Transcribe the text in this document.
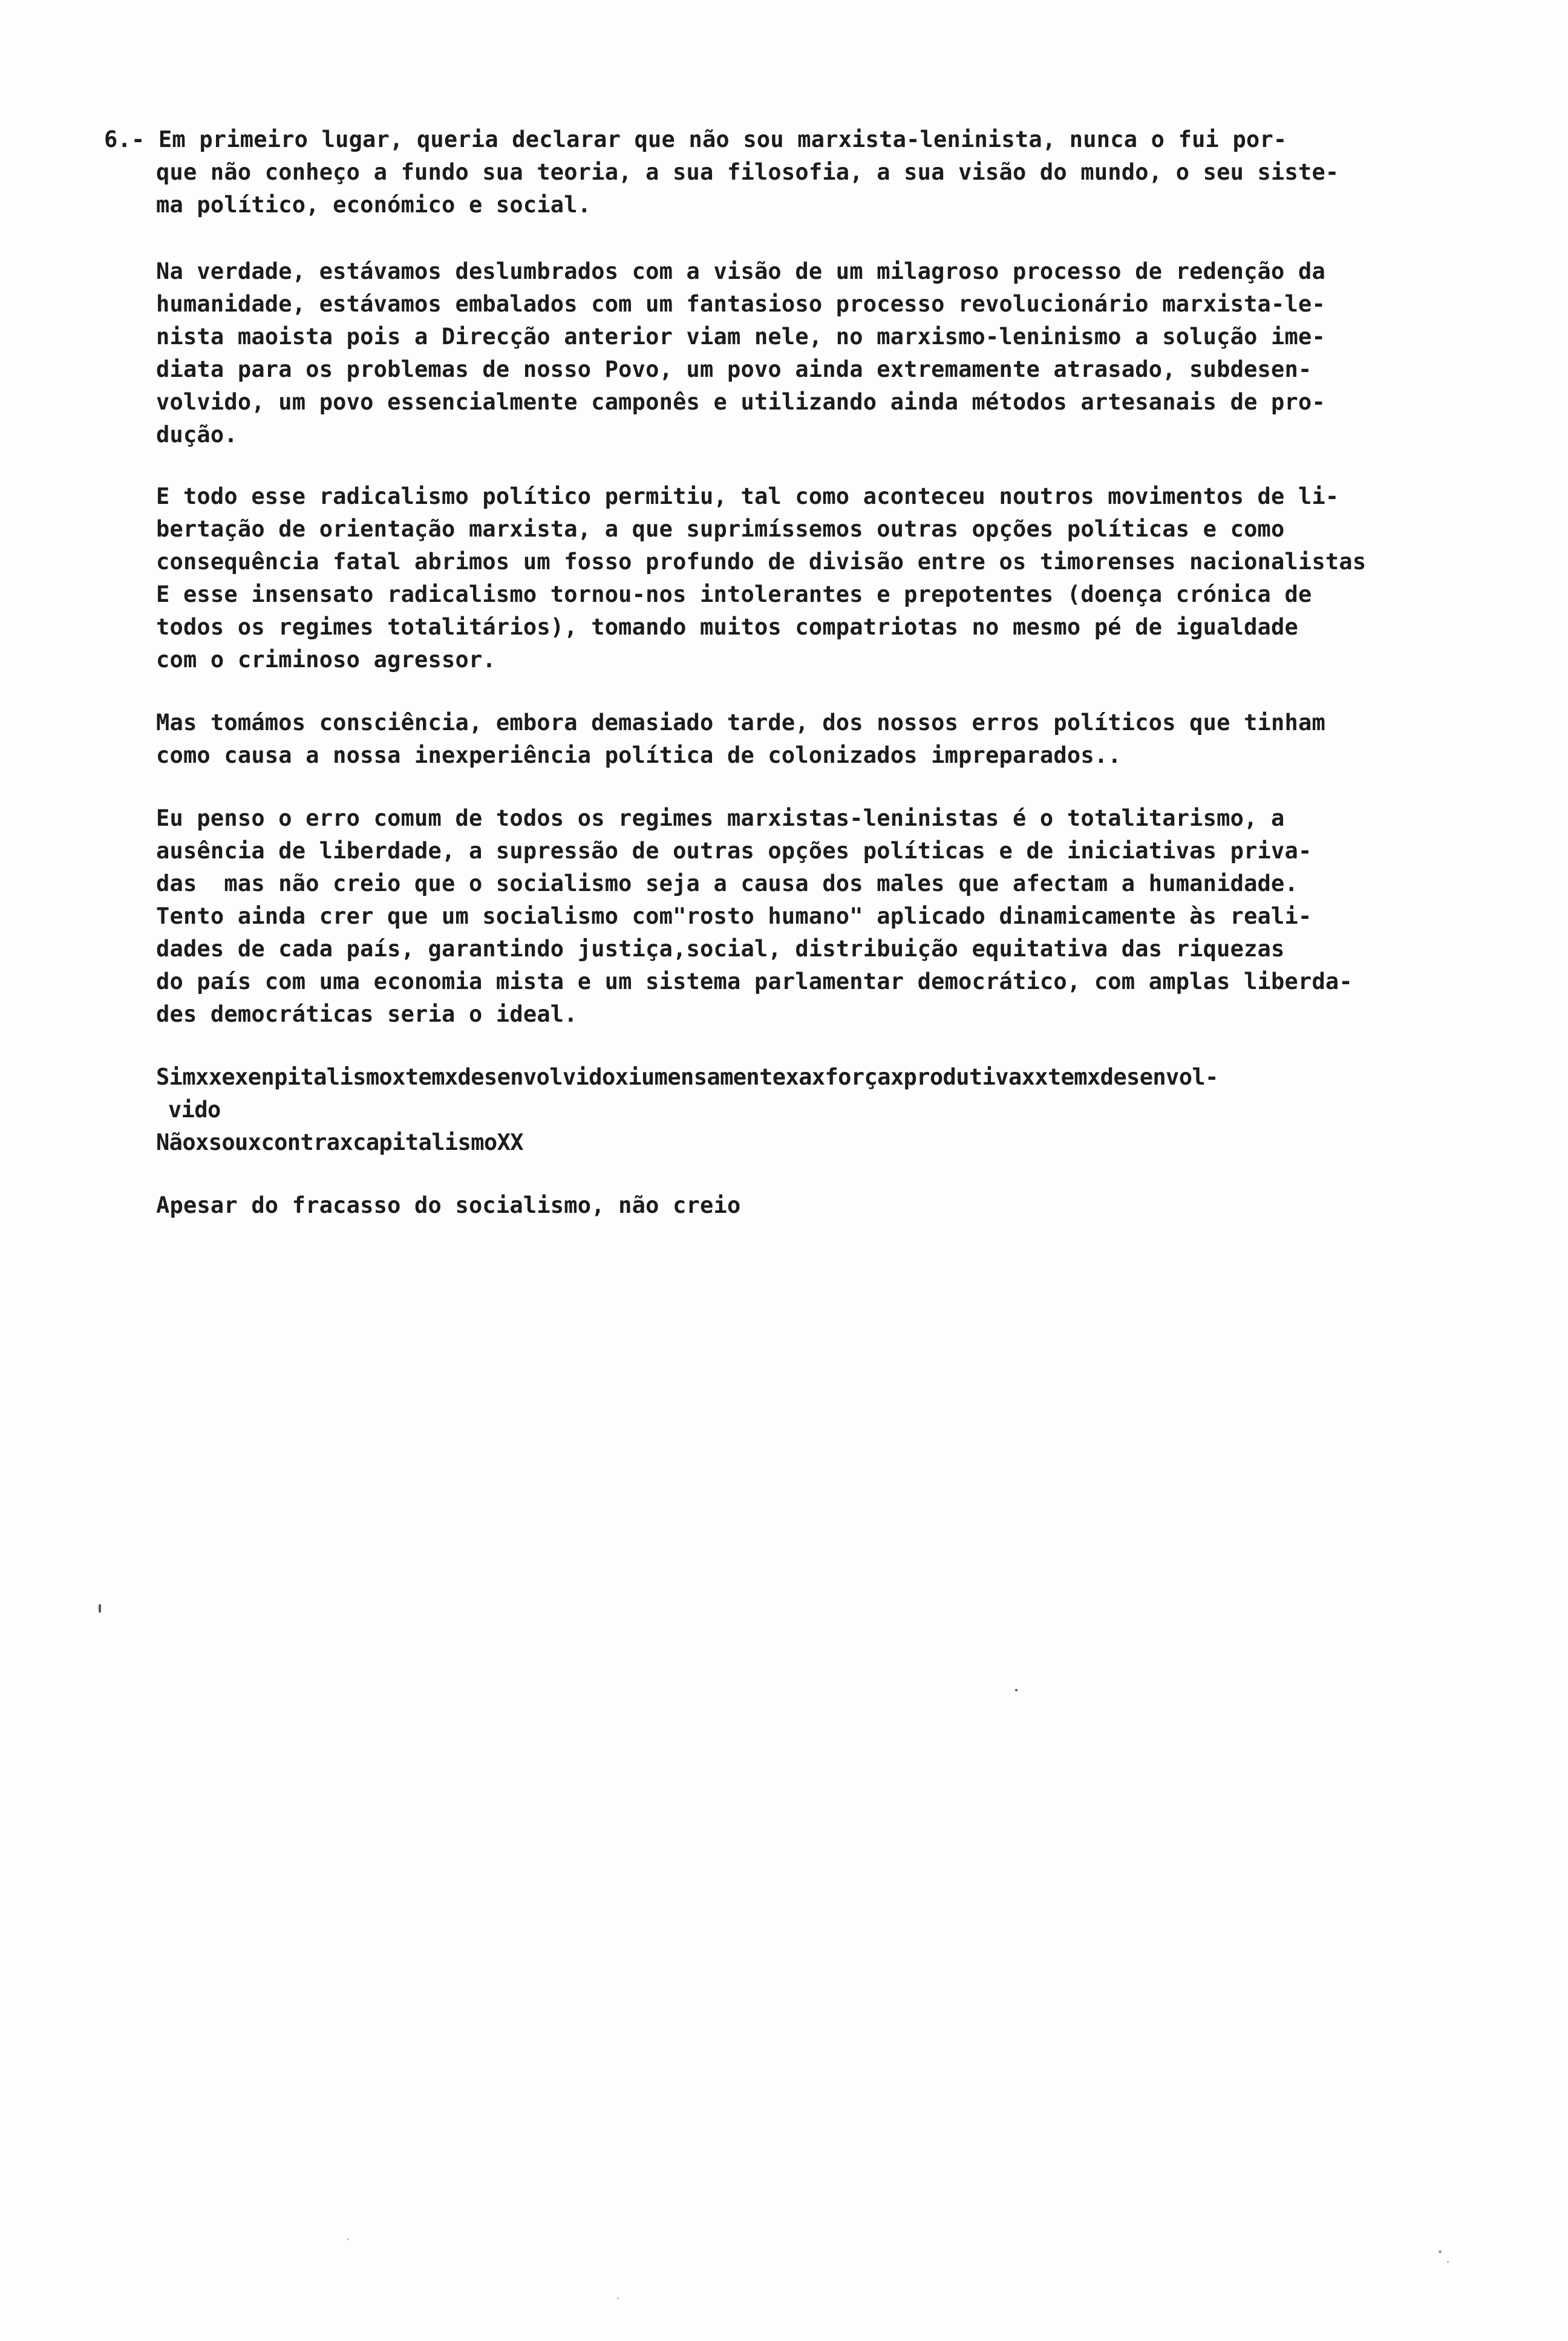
6.- Em primeiro lugar, queria declarar que não sou marxista-leninista, nunca o fui por-
que não conheço a fundo sua teoria, a sua filosofia, a sua visão do mundo, o seu siste-
ma político, económico e social.
Na verdade, estávamos deslumbrados com a visão de um milagroso processo de redenção da
humanidade, estávamos embalados com um fantasioso processo revolucionário marxista-le-
nista maoista pois a Direcção anterior viam nele, no marxismo-leninismo a solução ime-
diata para os problemas de nosso Povo, um povo ainda extremamente atrasado, subdesen-
volvido, um povo essencialmente camponês e utilizando ainda métodos artesanais de pro-
dução.
E todo esse radicalismo político permitiu, tal como aconteceu noutros movimentos de li-
bertação de orientação marxista, a que suprimíssemos outras opções políticas e como
consequência fatal abrimos um fosso profundo de divisão entre os timorenses nacionalistas
E esse insensato radicalismo tornou-nos intolerantes e prepotentes (doença crónica de
todos os regimes totalitários), tomando muitos compatriotas no mesmo pé de igualdade
com o criminoso agressor.
Mas tomámos consciência, embora demasiado tarde, dos nossos erros políticos que tinham
como causa a nossa inexperiência política de colonizados impreparados..
Eu penso o erro comum de todos os regimes marxistas-leninistas é o totalitarismo, a
ausência de liberdade, a supressão de outras opções políticas e de iniciativas priva-
das  mas não creio que o socialismo seja a causa dos males que afectam a humanidade.
Tento ainda crer que um socialismo com"rosto humano" aplicado dinamicamente às reali-
dades de cada país, garantindo justiça,social, distribuição equitativa das riquezas
do país com uma economia mista e um sistema parlamentar democrático, com amplas liberda-
des democráticas seria o ideal.
Simxxexenpitalismoxtemxdesenvolvidoxiumensamentexaxforçaxprodutivaxxtemxdesenvol-
vido
NãoxsouxcontraxcapitalismoXX
Apesar do fracasso do socialismo, não creio
